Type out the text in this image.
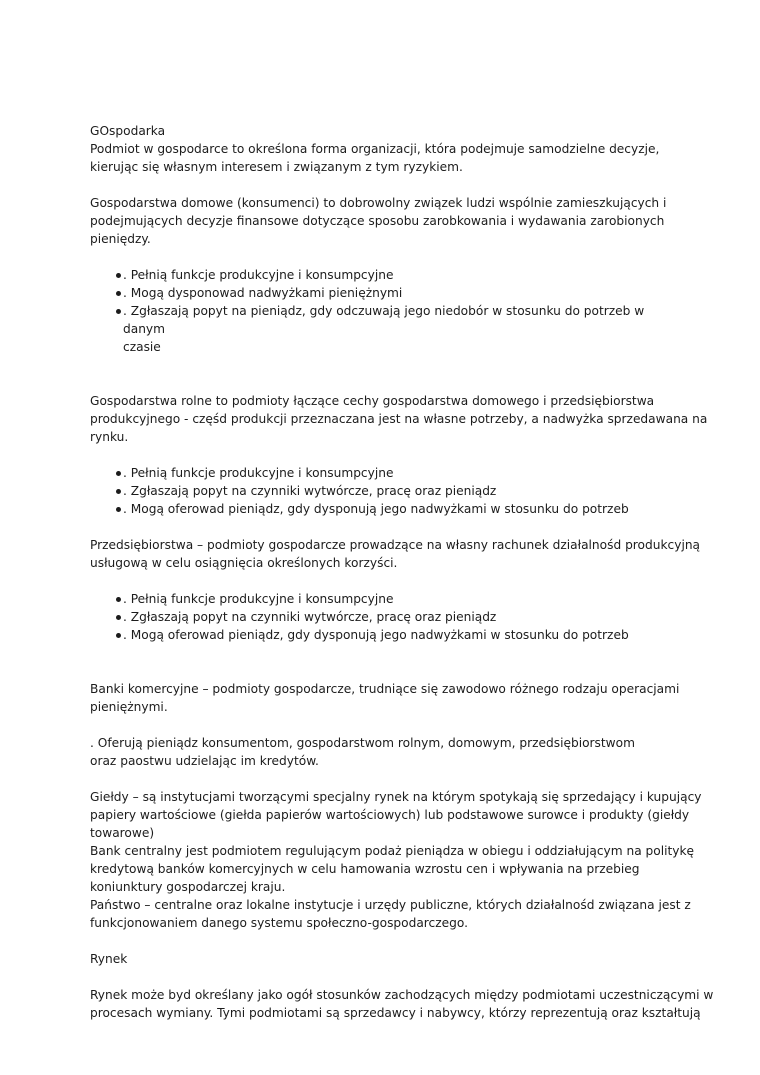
GOspodarka

Podmiot w gospodarce to określona forma organizacji, która podejmuje samodzielne decyzje,
kierując się własnym interesem i związanym z tym ryzykiem.

Gospodarstwa domowe (konsumenci) to dobrowolny związek ludzi wspólnie zamieszkujących i
podejmujących decyzje finansowe dotyczące sposobu zarobkowania i wydawania zarobionych
pieniędzy.

. Pełnią funkcje produkcyjne i konsumpcyjne
. Mogą dysponowad nadwyżkami pieniężnymi
. Zgłaszają popyt na pieniądz, gdy odczuwają jego niedobór w stosunku do potrzeb w danym
czasie

Gospodarstwa rolne to podmioty łączące cechy gospodarstwa domowego i przedsiębiorstwa
produkcyjnego - częśd produkcji przeznaczana jest na własne potrzeby, a nadwyżka sprzedawana na
rynku.

. Pełnią funkcje produkcyjne i konsumpcyjne
. Zgłaszają popyt na czynniki wytwórcze, pracę oraz pieniądz
. Mogą oferowad pieniądz, gdy dysponują jego nadwyżkami w stosunku do potrzeb

Przedsiębiorstwa – podmioty gospodarcze prowadzące na własny rachunek działalnośd produkcyjną
usługową w celu osiągnięcia określonych korzyści.

. Pełnią funkcje produkcyjne i konsumpcyjne
. Zgłaszają popyt na czynniki wytwórcze, pracę oraz pieniądz
. Mogą oferowad pieniądz, gdy dysponują jego nadwyżkami w stosunku do potrzeb

Banki komercyjne – podmioty gospodarcze, trudniące się zawodowo różnego rodzaju operacjami
pieniężnymi.

. Oferują pieniądz konsumentom, gospodarstwom rolnym, domowym, przedsiębiorstwom
oraz paostwu udzielając im kredytów.

Giełdy – są instytucjami tworzącymi specjalny rynek na którym spotykają się sprzedający i kupujący
papiery wartościowe (giełda papierów wartościowych) lub podstawowe surowce i produkty (giełdy
towarowe)

Bank centralny jest podmiotem regulującym podaż pieniądza w obiegu i oddziałującym na politykę
kredytową banków komercyjnych w celu hamowania wzrostu cen i wpływania na przebieg
koniunktury gospodarczej kraju.

Państwo – centralne oraz lokalne instytucje i urzędy publiczne, których działalnośd związana jest z
funkcjonowaniem danego systemu społeczno-gospodarczego.

Rynek

Rynek może byd określany jako ogół stosunków zachodzących między podmiotami uczestniczącymi w
procesach wymiany. Tymi podmiotami są sprzedawcy i nabywcy, którzy reprezentują oraz kształtują
